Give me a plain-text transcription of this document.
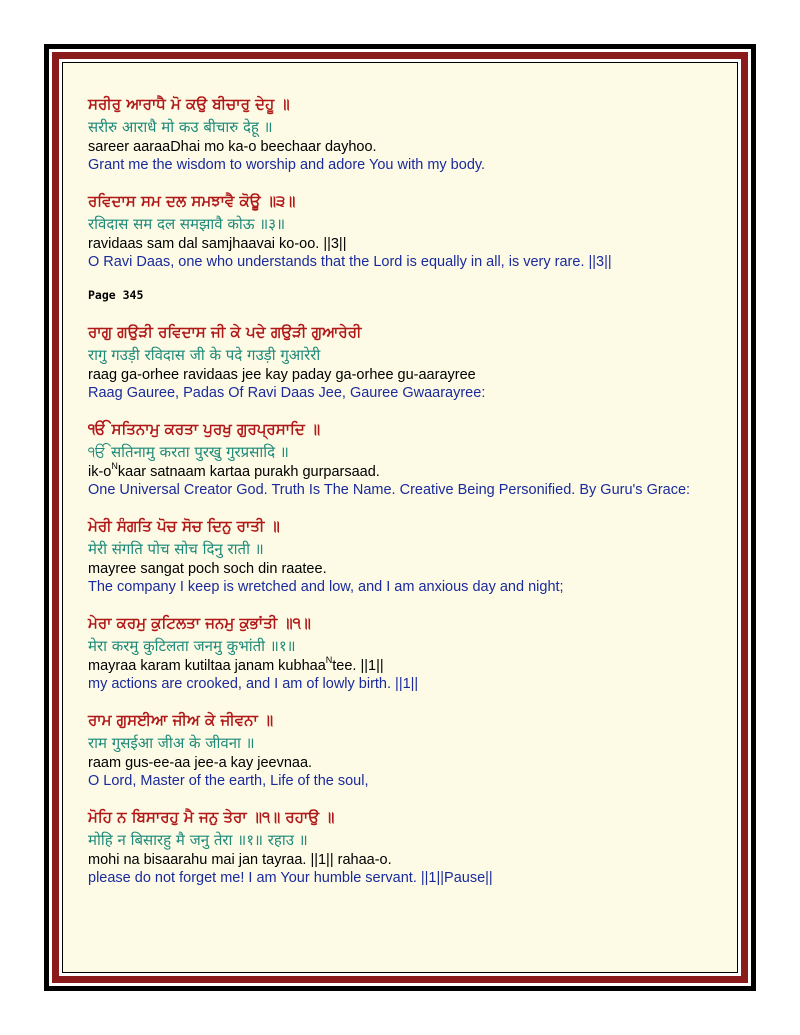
ਸਰੀਰੁ ਆਰਾਧੈ ਮੋ ਕਉ ਬੀਚਾਰੁ ਦੇਹੂ ॥
सरीरु आराधै मो कउ बीचारु देहू ॥
sareer aaraaDhai mo ka-o beechaar dayhoo.
Grant me the wisdom to worship and adore You with my body.
ਰਵਿਦਾਸ ਸਮ ਦਲ ਸਮਝਾਵੈ ਕੋਊ ॥੩॥
रविदास सम दल समझावै कोऊ ॥३॥
ravidaas sam dal samjhaavai ko-oo. ||3||
O Ravi Daas, one who understands that the Lord is equally in all, is very rare. ||3||
Page 345
ਰਾਗੁ ਗਉੜੀ ਰਵਿਦਾਸ ਜੀ ਕੇ ਪਦੇ ਗਉੜੀ ਗੁਆਰੇਰੀ
रागु गउड़ी रविदास जी के पदे गउड़ी गुआरेरी
raag ga-orhee ravidaas jee kay paday ga-orhee gu-aarayree
Raag Gauree, Padas Of Ravi Daas Jee, Gauree Gwaarayree:
ੴ ਸਤਿਨਾਮੁ ਕਰਤਾ ਪੁਰਖੁ ਗੁਰਪ੍ਰਸਾਦਿ ॥
ੴ सतिनामु करता पुरखु गुरप्रसादि ॥
$ik-o^Nkaar$ satnaam kartaa purakh gurparsaad.
One Universal Creator God. Truth Is The Name. Creative Being Personified. By Guru's Grace:
ਮੇਰੀ ਸੰਗਤਿ ਪੋਚ ਸੋਚ ਦਿਨੁ ਰਾਤੀ ॥
मेरी संगति पोच सोच दिनु राती ॥
mayree sangat poch soch din raatee.
The company I keep is wretched and low, and I am anxious day and night;
ਮੇਰਾ ਕਰਮੁ ਕੁਟਿਲਤਾ ਜਨਮੁ ਕੁਭਾਂਤੀ ॥੧॥
मेरा करमु कुटिलता जनमु कुभांती ॥१॥
mayraa karam kutiltaa janam kubhaa$^N$tee. ||1||
my actions are crooked, and I am of lowly birth. ||1||
ਰਾਮ ਗੁਸਈਆ ਜੀਅ ਕੇ ਜੀਵਨਾ ॥
राम गुसईआ जीअ के जीवना ॥
raam gus-ee-aa jee-a kay jeevnaa.
O Lord, Master of the earth, Life of the soul,
ਮੋਹਿ ਨ ਬਿਸਾਰਹੁ ਮੈ ਜਨੁ ਤੇਰਾ ॥੧॥ ਰਹਾਉ ॥
मोहि न बिसारहु मै जनु तेरा ॥१॥ रहाउ ॥
mohi na bisaarahu mai jan tayraa. ||1|| rahaa-o.
please do not forget me! I am Your humble servant. ||1||Pause||
